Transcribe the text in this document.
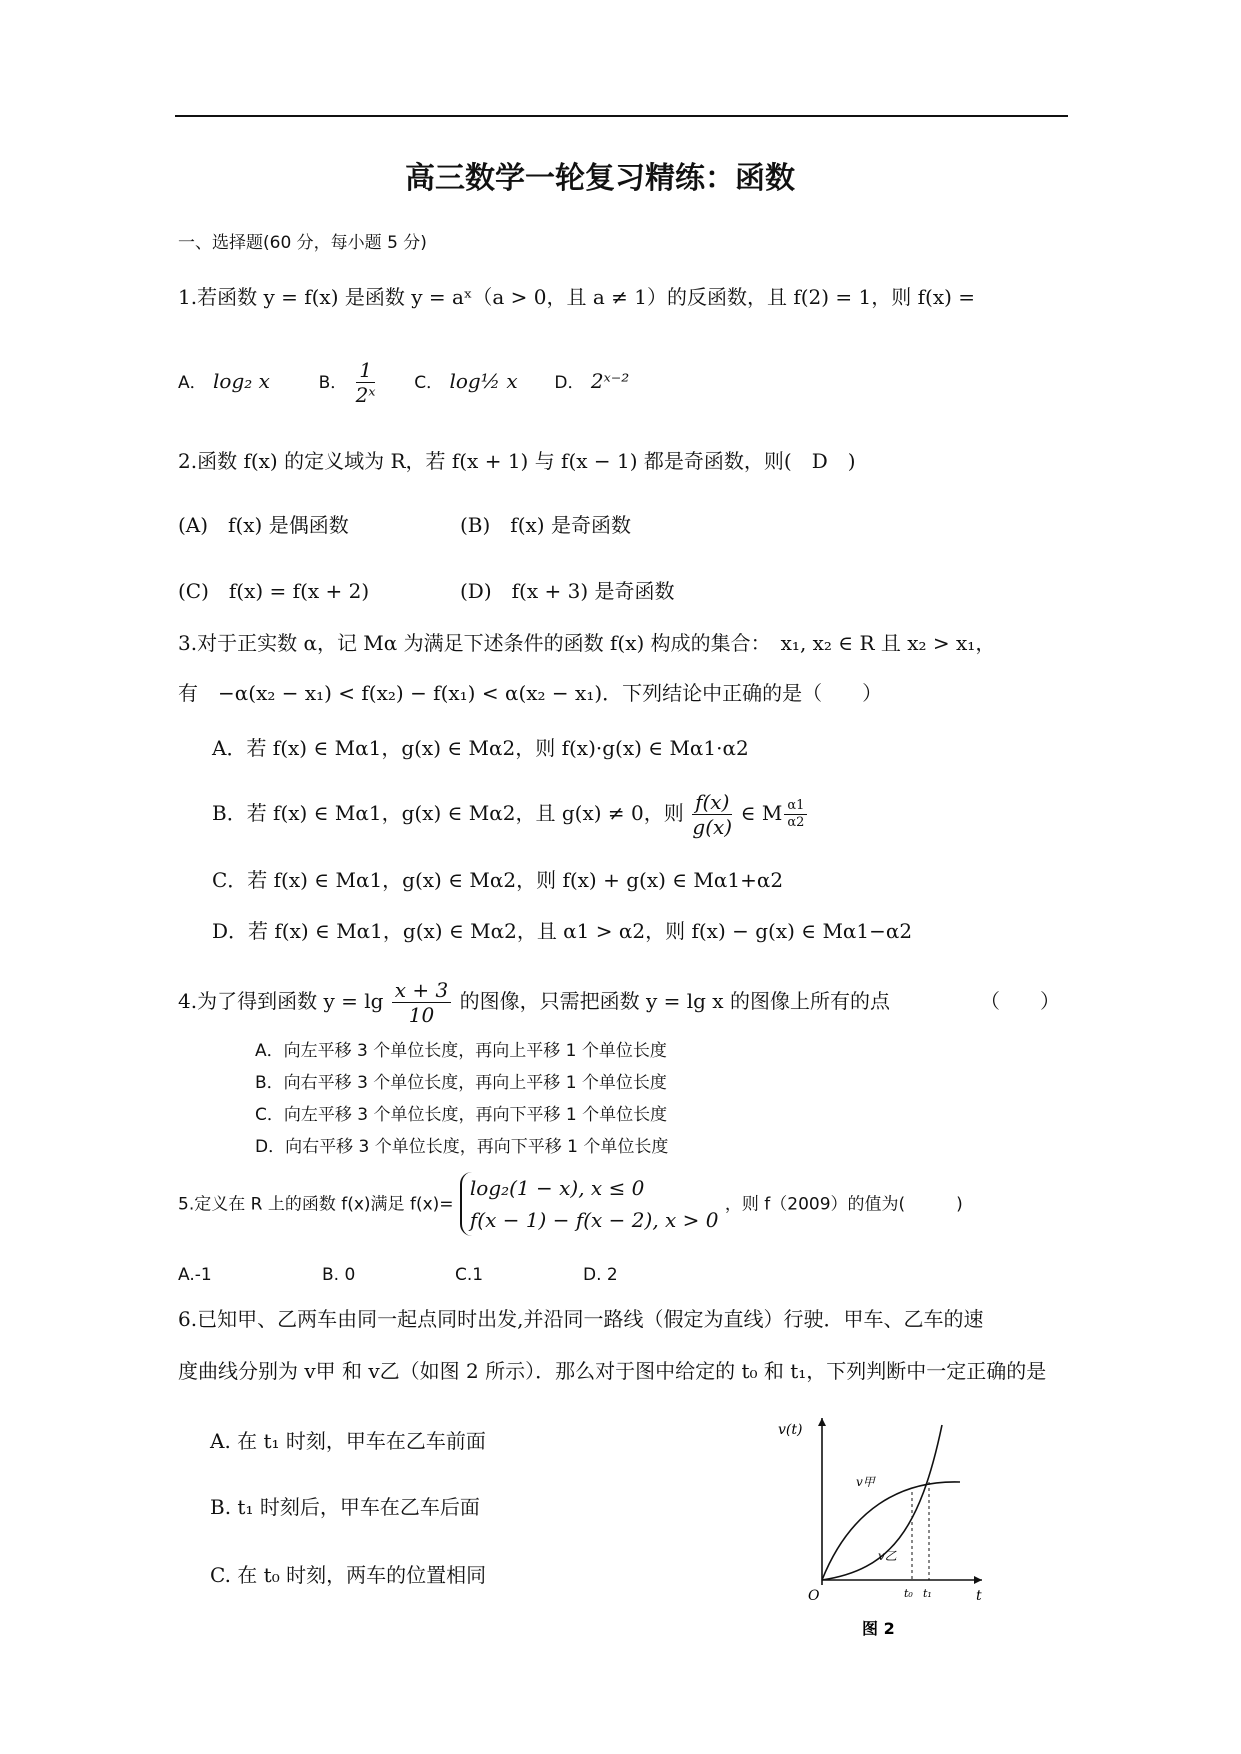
高三数学一轮复习精练：函数
一、选择题(60 分，每小题 5 分)
1.若函数 y = f(x) 是函数 y = aˣ（a > 0，且 a ≠ 1）的反函数，且 f(2) = 1，则 f(x) =
A． log₂ x	B． $\frac{1}{\text{2ˣ}}$ C． log½ x D． 2ˣ⁻²
2.函数 f(x) 的定义域为 R，若 f(x + 1) 与 f(x − 1) 都是奇函数，则(　D　)
(A)　f(x) 是偶函数	(B)　f(x) 是奇函数
(C)　f(x) = f(x + 2)	(D)　f(x + 3) 是奇函数
3.对于正实数 α，记 Mα 为满足下述条件的函数 f(x) 构成的集合：　x₁, x₂ ∈ R 且 x₂ > x₁，
有　−α(x₂ − x₁) < f(x₂) − f(x₁) < α(x₂ − x₁)．下列结论中正确的是（　　）
A．若 f(x) ∈ Mα1，g(x) ∈ Mα2，则 f(x)·g(x) ∈ Mα1·α2
B．若 f(x) ∈ Mα1，g(x) ∈ Mα2，且 g(x) ≠ 0，则 $\frac{f(x)}{g(x)}$ ∈ M $\frac{\alpha 1}{\alpha 2}$
C．若 f(x) ∈ Mα1，g(x) ∈ Mα2，则 f(x) + g(x) ∈ Mα1+α2
D．若 f(x) ∈ Mα1，g(x) ∈ Mα2，且 α1 > α2，则 f(x) − g(x) ∈ Mα1−α2
4.为了得到函数 $y = \lg \frac{x + 3}{10}$ 的图像，只需把函数 y = lg x 的图像上所有的点	（　　）
A．向左平移 3 个单位长度，再向上平移 1 个单位长度
B．向右平移 3 个单位长度，再向上平移 1 个单位长度
C．向左平移 3 个单位长度，再向下平移 1 个单位长度
D．向右平移 3 个单位长度，再向下平移 1 个单位长度
5.定义在 R 上的函数 f(x)满足 f(x)=
log₂(1 − x), x ≤ 0
f(x − 1) − f(x − 2), x > 0
，则 f（2009）的值为(　　　)
A.-1	B. 0	C.1	D. 2
6.已知甲、乙两车由同一起点同时出发,并沿同一路线（假定为直线）行驶．甲车、乙车的速
度曲线分别为 v甲 和 v乙（如图 2 所示）．那么对于图中给定的 t₀ 和 t₁，下列判断中一定正确的是
A. 在 t₁ 时刻，甲车在乙车前面
B. t₁ 时刻后，甲车在乙车后面
C. 在 t₀ 时刻，两车的位置相同
v(t)
t
O
v甲
v乙
t₀ t₁
图 2
